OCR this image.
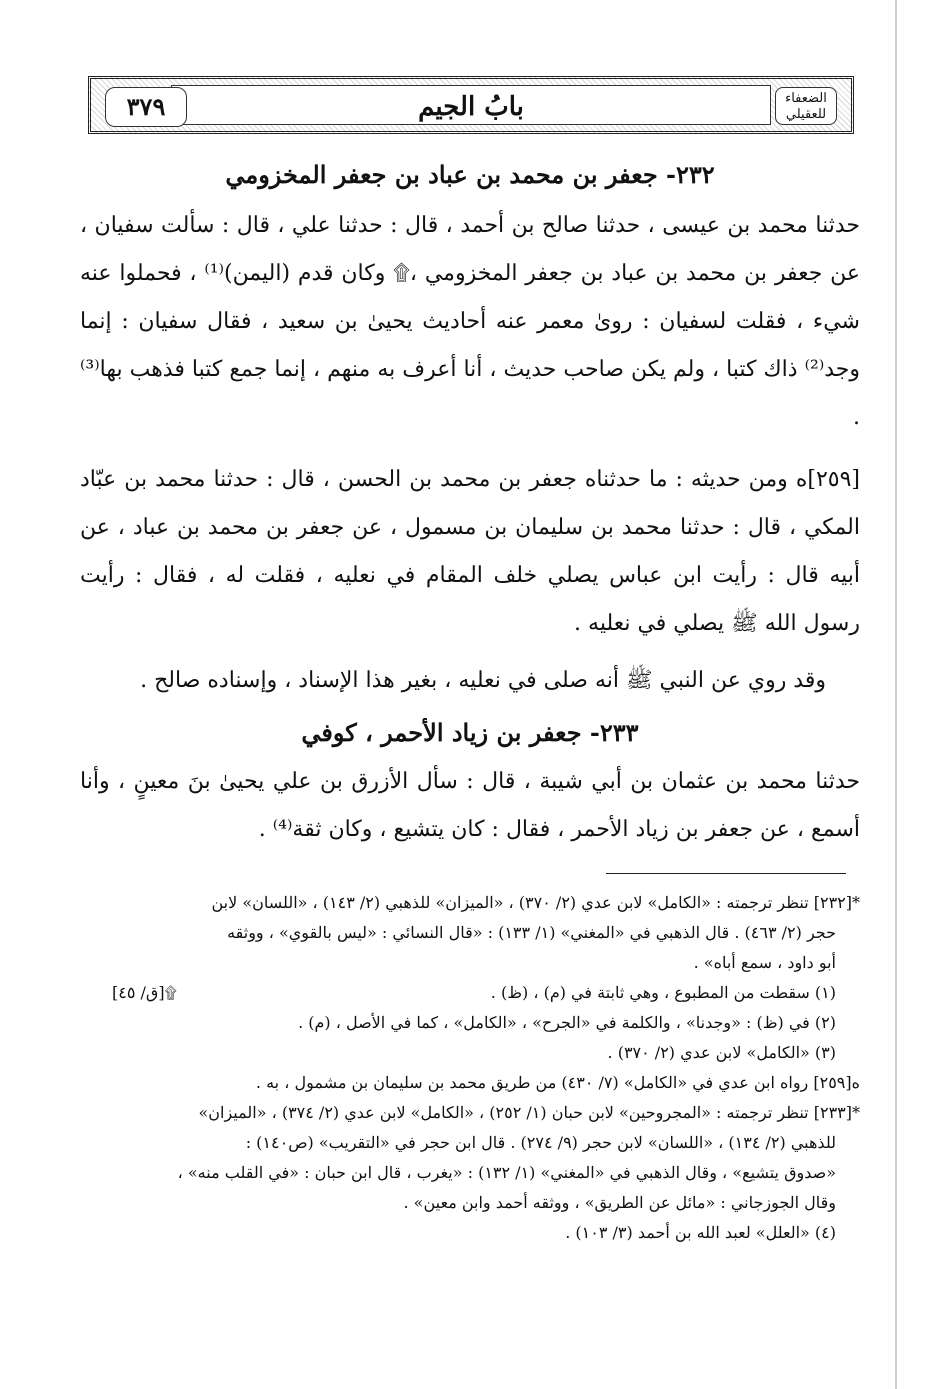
بابُ الجيم
٣٧٩	الضعفاء
للعقيلي
٢٣٢- جعفر بن محمد بن عباد بن جعفر المخزومي

حدثنا محمد بن عيسى ، حدثنا صالح بن أحمد ، قال : حدثنا علي ، قال : سألت سفيان ، عن جعفر بن محمد بن عباد بن جعفر المخزومي ،۩ وكان قدم (اليمن)⁽¹⁾ ، فحملوا عنه شيء ، فقلت لسفيان : روىٰ معمر عنه أحاديث يحيىٰ بن سعيد ، فقال سفيان : إنما وجد⁽²⁾ ذاك كتبا ، ولم يكن صاحب حديث ، أنا أعرف به منهم ، إنما جمع كتبا فذهب بها⁽³⁾ .

[٢٥٩]ه ومن حديثه : ما حدثناه جعفر بن محمد بن الحسن ، قال : حدثنا محمد بن عبّاد المكي ، قال : حدثنا محمد بن سليمان بن مسمول ، عن جعفر بن محمد بن عباد ، عن أبيه قال : رأيت ابن عباس يصلي خلف المقام في نعليه ، فقلت له ، فقال : رأيت رسول الله ﷺ يصلي في نعليه .

وقد روي عن النبي ﷺ أنه صلى في نعليه ، بغير هذا الإسناد ، وإسناده صالح .

٢٣٣- جعفر بن زياد الأحمر ، كوفي

حدثنا محمد بن عثمان بن أبي شيبة ، قال : سأل الأزرق بن علي يحيىٰ بنَ معينٍ ، وأنا أسمع ، عن جعفر بن زياد الأحمر ، فقال : كان يتشيع ، وكان ثقة⁽⁴⁾ .

*[٢٣٢] تنظر ترجمته : «الكامل» لابن عدي (٢/ ٣٧٠) ، «الميزان» للذهبي (٢/ ١٤٣) ، «اللسان» لابن

حجر (٢/ ٤٦٣) . قال الذهبي في «المغني» (١/ ١٣٣) : «قال النسائي : «ليس بالقوي» ، ووثقه

أبو داود ، سمع أباه» .

(١) سقطت من المطبوع ، وهي ثابتة في (م) ، (ظ) .
۩[ق/ ٤٥]

(٢) في (ظ) : «وجدنا» ، والكلمة في «الجرح» ، «الكامل» ، كما في الأصل ، (م) .

(٣) «الكامل» لابن عدي (٢/ ٣٧٠) .

ه[٢٥٩] رواه ابن عدي في «الكامل» (٧/ ٤٣٠) من طريق محمد بن سليمان بن مشمول ، به .

*[٢٣٣] تنظر ترجمته : «المجروحين» لابن حبان (١/ ٢٥٢) ، «الكامل» لابن عدي (٢/ ٣٧٤) ، «الميزان»

للذهبي (٢/ ١٣٤) ، «اللسان» لابن حجر (٩/ ٢٧٤) . قال ابن حجر في «التقريب» (ص١٤٠) :

«صدوق يتشيع» ، وقال الذهبي في «المغني» (١/ ١٣٢) : «يغرب ، قال ابن حبان : «في القلب منه» ،

وقال الجوزجاني : «مائل عن الطريق» ، ووثقه أحمد وابن معين» .

(٤) «العلل» لعبد الله بن أحمد (٣/ ١٠٣) .
